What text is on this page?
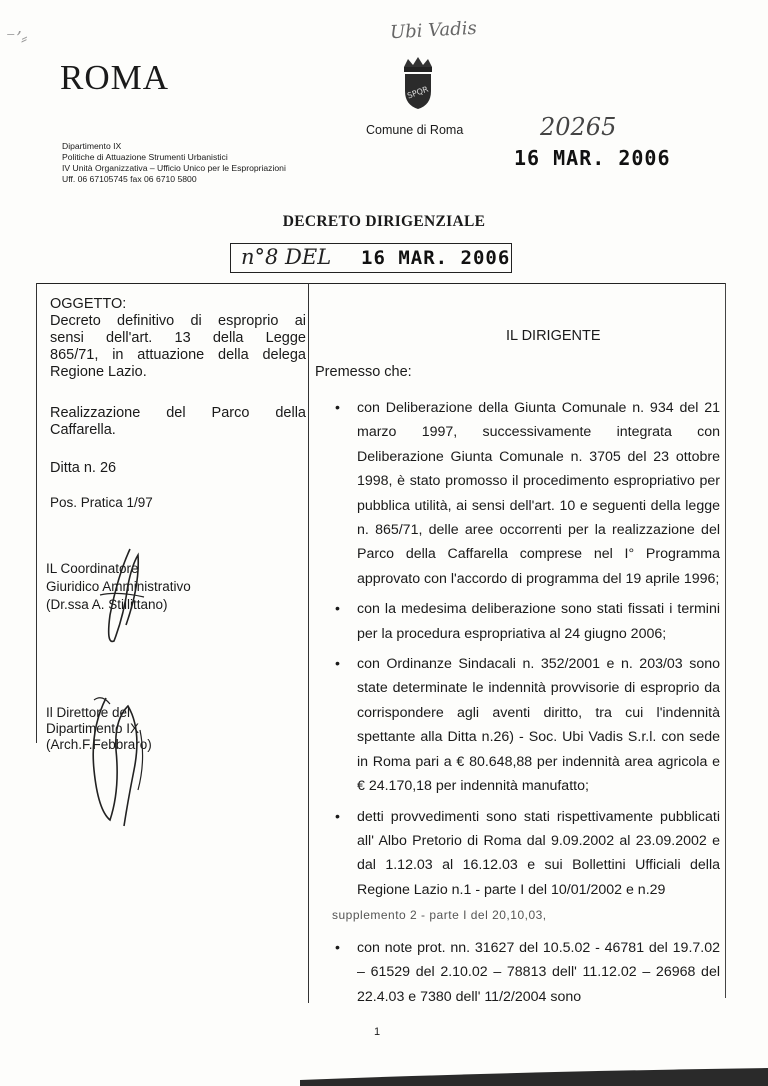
⁻ʼ⸗
ROMA
Dipartimento IX
Politiche di Attuazione Strumenti Urbanistici
IV Unità Organizzativa – Ufficio Unico per le Espropriazioni
Uff. 06 67105745 fax 06 6710 5800
Ubi Vadis
SPQR
Comune di Roma	20265
16 MAR. 2006
DECRETO DIRIGENZIALE
n°8 DEL 16 MAR. 2006
OGGETTO:
Decreto definitivo di esproprio ai
sensi dell'art. 13 della Legge
865/71, in attuazione della delega
Regione Lazio.
Realizzazione del Parco della
Caffarella.
Ditta n. 26
Pos. Pratica 1/97
IL Coordinatore
Giuridico Amministrativo
(Dr.ssa A. Stillittano)
Il Direttore del
Dipartimento IX
(Arch.F.Febbraro)
IL DIRIGENTE
Premesso che:
• con Deliberazione della Giunta Comunale n. 934 del 21 marzo 1997, successivamente integrata con Deliberazione Giunta Comunale n. 3705 del 23 ottobre 1998, è stato promosso il procedimento espropriativo per pubblica utilità, ai sensi dell'art. 10 e seguenti della legge n. 865/71, delle aree occorrenti per la realizzazione del Parco della Caffarella comprese nel I° Programma approvato con l'accordo di programma del 19 aprile 1996;
• con la medesima deliberazione sono stati fissati i termini per la procedura espropriativa al 24 giugno 2006;
• con Ordinanze Sindacali n. 352/2001 e n. 203/03 sono state determinate le indennità provvisorie di esproprio da corrispondere agli aventi diritto, tra cui l'indennità spettante alla Ditta n.26) - Soc. Ubi Vadis S.r.l. con sede in Roma pari a € 80.648,88 per indennità area agricola e € 24.170,18 per indennità manufatto;
• detti provvedimenti sono stati rispettivamente pubblicati all' Albo Pretorio di Roma dal 9.09.2002 al 23.09.2002 e dal 1.12.03 al 16.12.03 e sui Bollettini Ufficiali della Regione Lazio n.1 - parte I del 10/01/2002 e n.29
supplemento 2 - parte I del 20,10,03,
• con note prot. nn. 31627 del 10.5.02 - 46781 del 19.7.02 – 61529 del 2.10.02 – 78813 dell' 11.12.02 – 26968 del 22.4.03 e 7380 dell' 11/2/2004 sono
1
